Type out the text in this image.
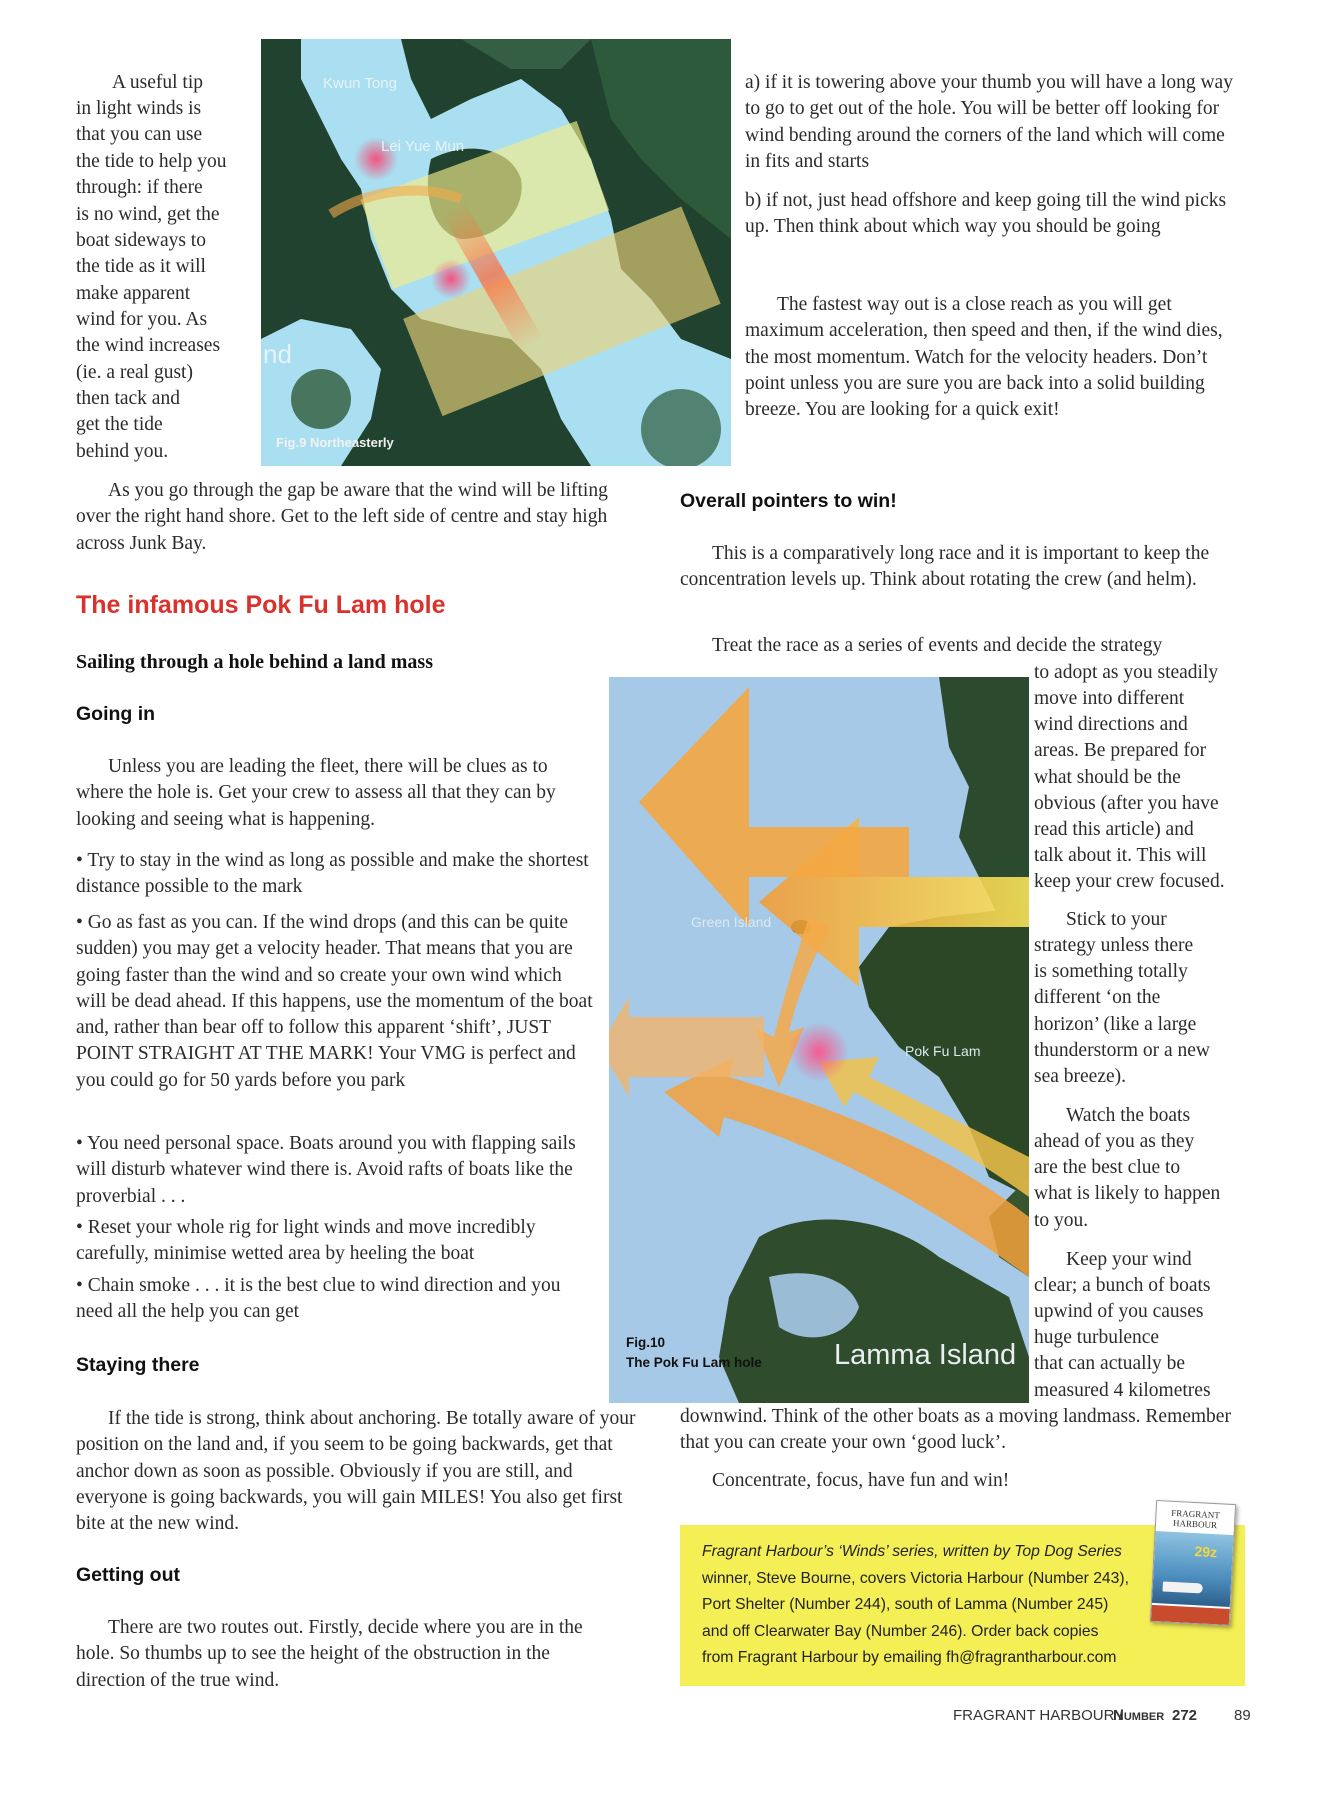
Kwun Tong
Lei Yue Mun
nd
Fig.9 Northeasterly
Green Island
Pok Fu Lam
Lamma Island
Fig.10
The Pok Fu Lam hole
A useful tip
in light winds is
that you can use
the tide to help you
through: if there
is no wind, get the
boat sideways to
the tide as it will
make apparent
wind for you. As
the wind increases
(ie. a real gust)
then tack and
get the tide
behind you.

As you go through the gap be aware that the wind will be lifting over the right hand shore. Get to the left side of centre and stay high across Junk Bay.

The infamous Pok Fu Lam hole
Sailing through a hole behind a land mass
Going in

Unless you are leading the fleet, there will be clues as to where the hole is. Get your crew to assess all that they can by looking and seeing what is happening.

• Try to stay in the wind as long as possible and make the shortest distance possible to the mark

• Go as fast as you can. If the wind drops (and this can be quite sudden) you may get a velocity header. That means that you are going faster than the wind and so create your own wind which will be dead ahead. If this happens, use the momentum of the boat and, rather than bear off to follow this apparent ‘shift’, JUST POINT STRAIGHT AT THE MARK! Your VMG is perfect and you could go for 50 yards before you park

• You need personal space. Boats around you with flapping sails will disturb whatever wind there is. Avoid rafts of boats like the proverbial . . .

• Reset your whole rig for light winds and move incredibly carefully, minimise wetted area by heeling the boat

• Chain smoke . . . it is the best clue to wind direction and you need all the help you can get

Staying there

If the tide is strong, think about anchoring. Be totally aware of your position on the land and, if you seem to be going backwards, get that anchor down as soon as possible. Obviously if you are still, and everyone is going backwards, you will gain MILES! You also get first bite at the new wind.

Getting out

There are two routes out. Firstly, decide where you are in the hole. So thumbs up to see the height of the obstruction in the direction of the true wind.

a) if it is towering above your thumb you will have a long way to go to get out of the hole. You will be better off looking for wind bending around the corners of the land which will come in fits and starts

b) if not, just head offshore and keep going till the wind picks up. Then think about which way you should be going

The fastest way out is a close reach as you will get maximum acceleration, then speed and then, if the wind dies, the most momentum. Watch for the velocity headers. Don’t point unless you are sure you are back into a solid building breeze. You are looking for a quick exit!

Overall pointers to win!

This is a comparatively long race and it is important to keep the concentration levels up. Think about rotating the crew (and helm).

Treat the race as a series of events and decide the strategy
to adopt as you steadily
move into different
wind directions and
areas. Be prepared for
what should be the
obvious (after you have
read this article) and
talk about it. This will
keep your crew focused.
Stick to your
strategy unless there
is something totally
different ‘on the
horizon’ (like a large
thunderstorm or a new
sea breeze).
Watch the boats
ahead of you as they
are the best clue to
what is likely to happen
to you.
Keep your wind
clear; a bunch of boats
upwind of you causes
huge turbulence
that can actually be
measured 4 kilometres

downwind. Think of the other boats as a moving landmass. Remember that you can create your own ‘good luck’.

Concentrate, focus, have fun and win!

Fragrant Harbour’s ‘Winds’ series, written by Top Dog Series
winner, Steve Bourne, covers Victoria Harbour (Number 243),
Port Shelter (Number 244), south of Lamma (Number 245)
and off Clearwater Bay (Number 246). Order back copies
from Fragrant Harbour by emailing fh@fragrantharbour.com
FRAGRANT HARBOUR
29z
FRAGRANT HARBOUR /
Number 272 89
